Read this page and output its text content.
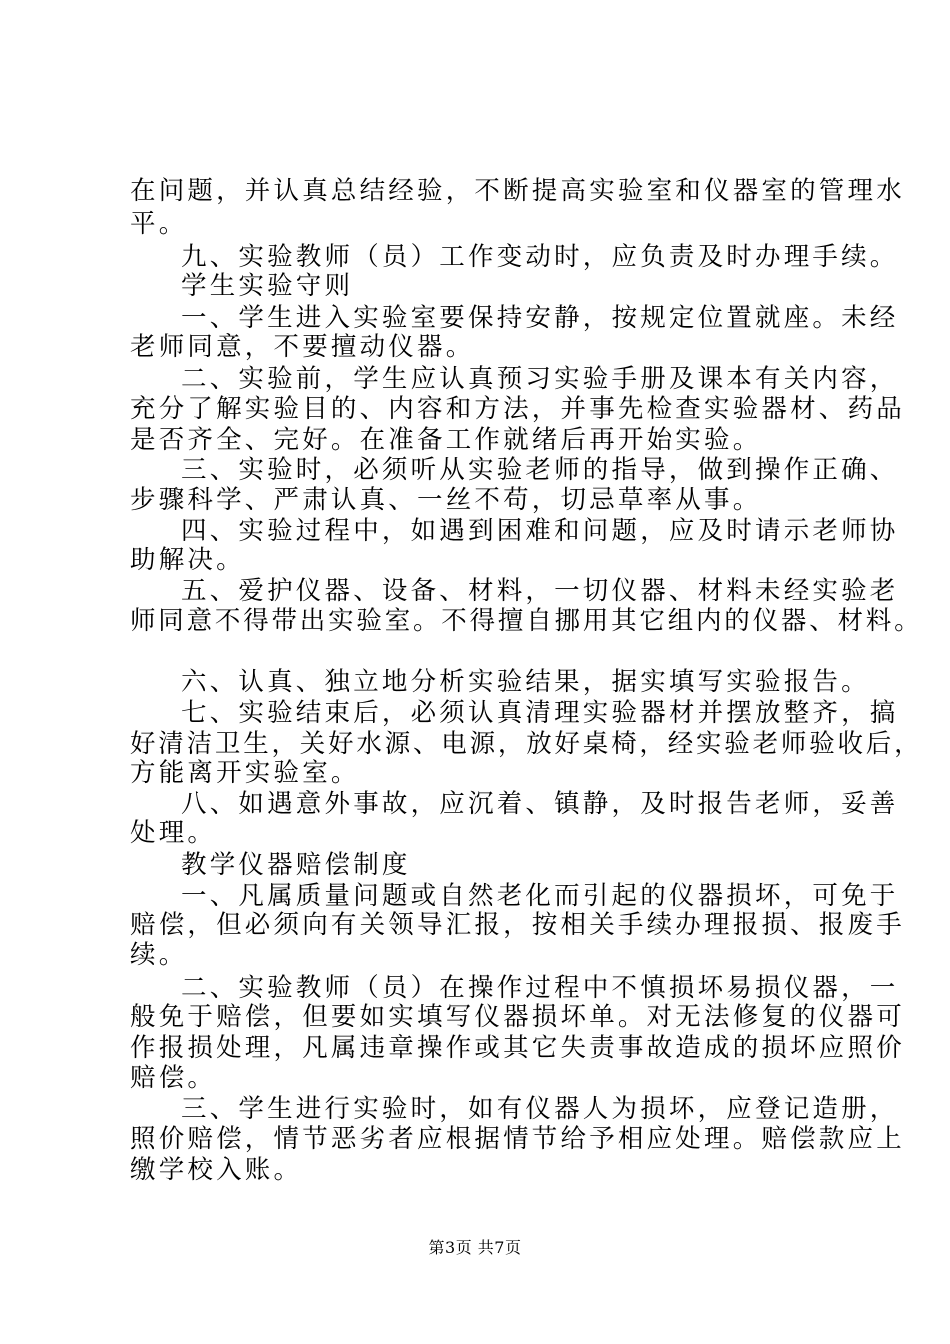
在问题，并认真总结经验，不断提高实验室和仪器室的管理水
平。
九、实验教师（员）工作变动时，应负责及时办理手续。
学生实验守则
一、学生进入实验室要保持安静，按规定位置就座。未经
老师同意，不要擅动仪器。
二、实验前，学生应认真预习实验手册及课本有关内容，
充分了解实验目的、内容和方法，并事先检查实验器材、药品
是否齐全、完好。在准备工作就绪后再开始实验。
三、实验时，必须听从实验老师的指导，做到操作正确、
步骤科学、严肃认真、一丝不苟，切忌草率从事。
四、实验过程中，如遇到困难和问题，应及时请示老师协
助解决。
五、爱护仪器、设备、材料，一切仪器、材料未经实验老
师同意不得带出实验室。不得擅自挪用其它组内的仪器、材料。
六、认真、独立地分析实验结果，据实填写实验报告。
七、实验结束后，必须认真清理实验器材并摆放整齐，搞
好清洁卫生，关好水源、电源，放好桌椅，经实验老师验收后，
方能离开实验室。
八、如遇意外事故，应沉着、镇静，及时报告老师，妥善
处理。
教学仪器赔偿制度
一、凡属质量问题或自然老化而引起的仪器损坏，可免于
赔偿，但必须向有关领导汇报，按相关手续办理报损、报废手
续。
二、实验教师（员）在操作过程中不慎损坏易损仪器，一
般免于赔偿，但要如实填写仪器损坏单。对无法修复的仪器可
作报损处理，凡属违章操作或其它失责事故造成的损坏应照价
赔偿。
三、学生进行实验时，如有仪器人为损坏，应登记造册，
照价赔偿，情节恶劣者应根据情节给予相应处理。赔偿款应上
缴学校入账。
第3页 共7页
